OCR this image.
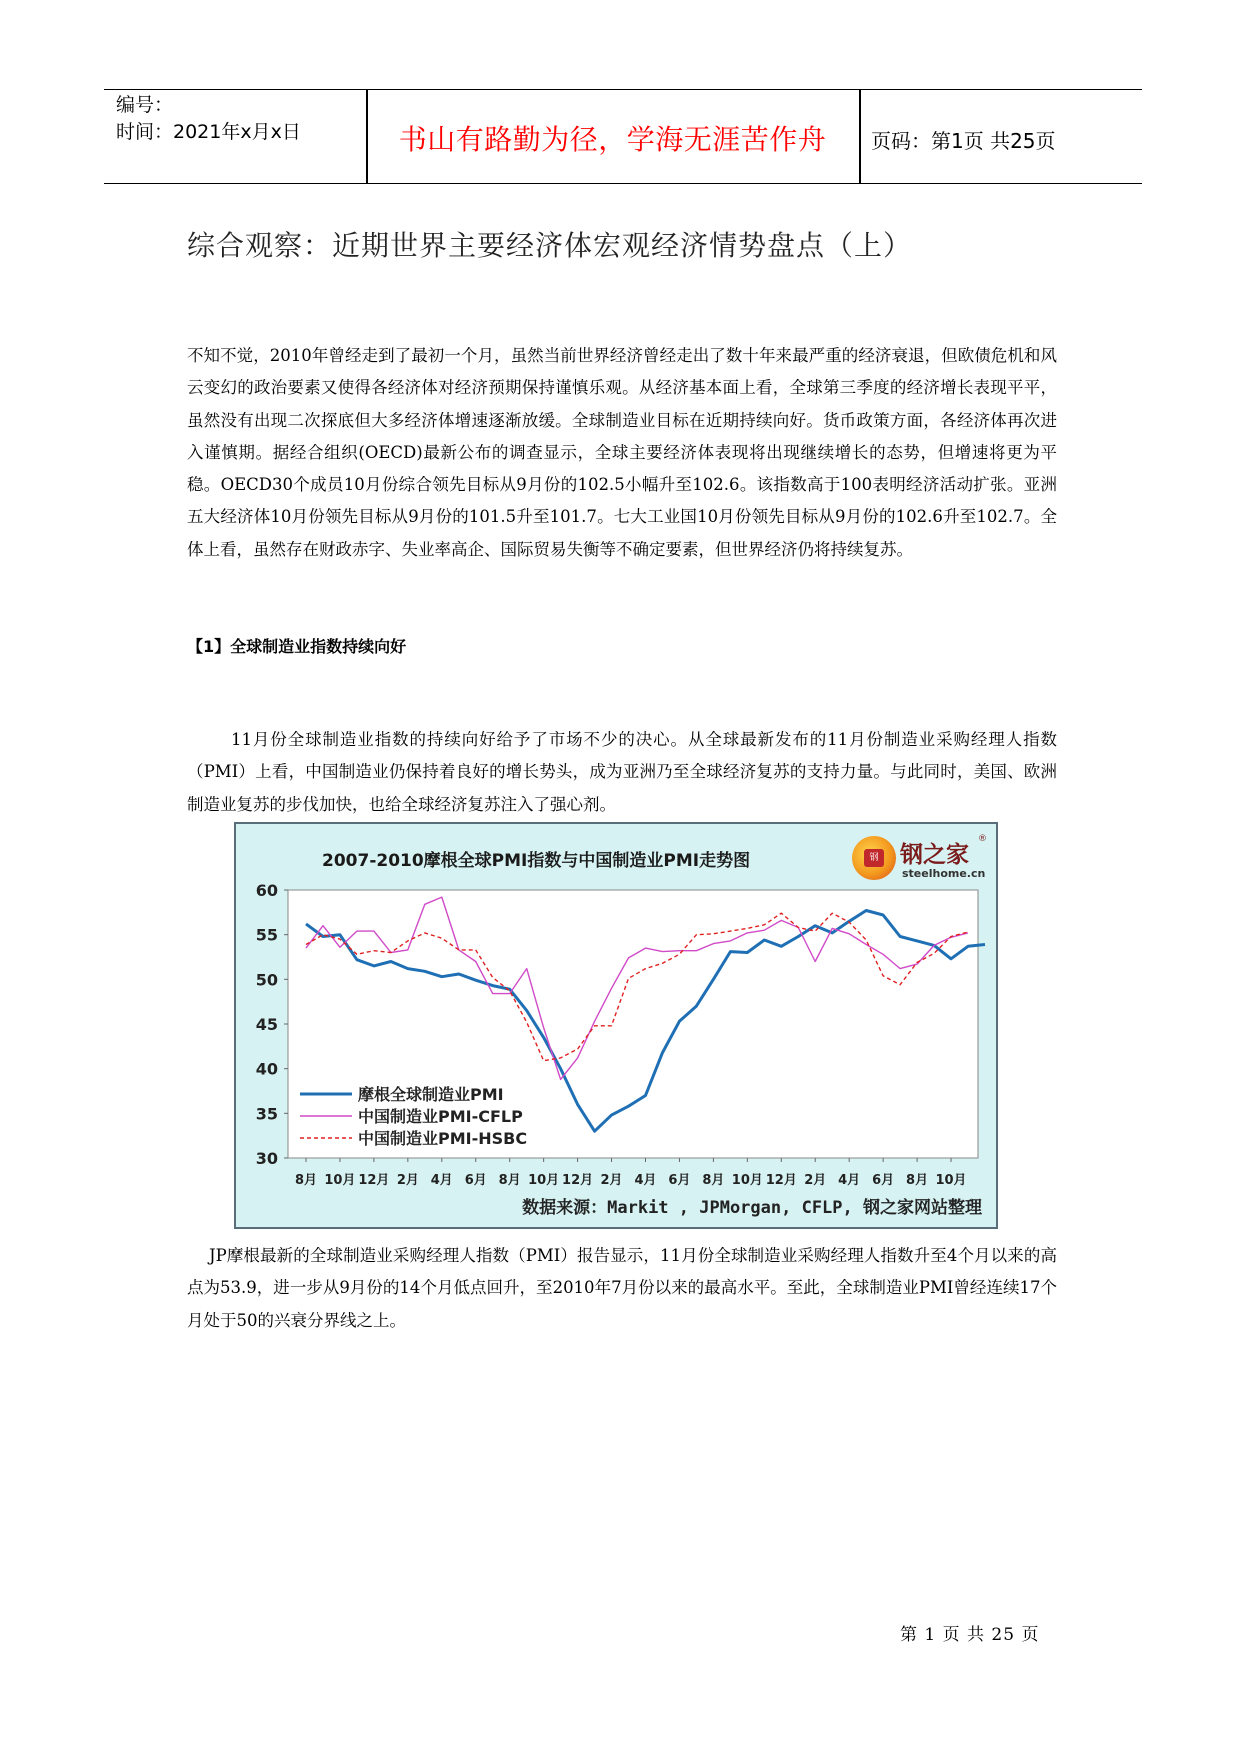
编号：
时间：2021年x月x日	书山有路勤为径，学海无涯苦作舟	页码：第1页 共25页
综合观察：近期世界主要经济体宏观经济情势盘点（上）
不知不觉，2010年曾经走到了最初一个月，虽然当前世界经济曾经走出了数十年来最严重的经济衰退，但欧债危机和风云变幻的政治要素又使得各经济体对经济预期保持谨慎乐观。从经济基本面上看，全球第三季度的经济增长表现平平，虽然没有出现二次探底但大多经济体增速逐渐放缓。全球制造业目标在近期持续向好。货币政策方面，各经济体再次进入谨慎期。据经合组织(OECD)最新公布的调查显示，全球主要经济体表现将出现继续增长的态势，但增速将更为平稳。OECD30个成员10月份综合领先目标从9月份的102.5小幅升至102.6。该指数高于100表明经济活动扩张。亚洲五大经济体10月份领先目标从9月份的101.5升至101.7。七大工业国10月份领先目标从9月份的102.6升至102.7。全体上看，虽然存在财政赤字、失业率高企、国际贸易失衡等不确定要素，但世界经济仍将持续复苏。
【1】全球制造业指数持续向好
11月份全球制造业指数的持续向好给予了市场不少的决心。从全球最新发布的11月份制造业采购经理人指数（PMI）上看，中国制造业仍保持着良好的增长势头，成为亚洲乃至全球经济复苏的支持力量。与此同时，美国、欧洲制造业复苏的步伐加快，也给全球经济复苏注入了强心剂。
30
35
40
45
50
55
60
8月 10月 12月 2月 4月 6月 8月 10月 12月 2月 4月 6月 8月 10月 12月 2月 4月 6月 8月 10月
摩根全球制造业PMI
中国制造业PMI-CFLP
中国制造业PMI-HSBC
2007-2010摩根全球PMI指数与中国制造业PMI走势图	钢 钢之家
®
steelhome.cn
数据来源：Markit , JPMorgan, CFLP, 钢之家网站整理
JP摩根最新的全球制造业采购经理人指数（PMI）报告显示，11月份全球制造业采购经理人指数升至4个月以来的高点为53.9，进一步从9月份的14个月低点回升，至2010年7月份以来的最高水平。至此，全球制造业PMI曾经连续17个月处于50的兴衰分界线之上。
第 1 页 共 25 页
